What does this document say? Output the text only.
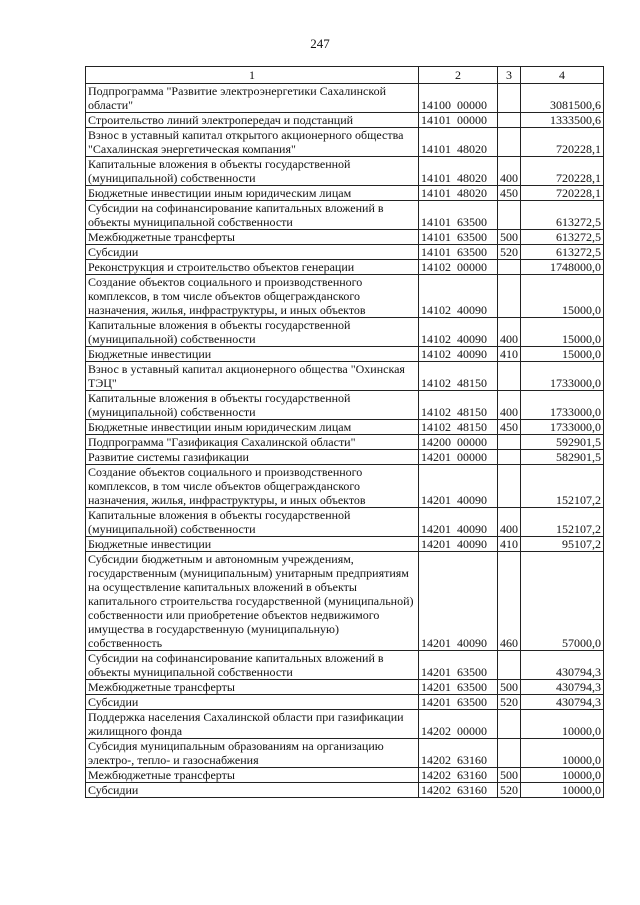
247
1	2	3	4
Подпрограмма "Развитие электроэнергетики Сахалинской области"	14100  00000		3081500,6
Строительство линий электропередач и подстанций	14101  00000		1333500,6
Взнос в уставный капитал открытого акционерного общества "Сахалинская энергетическая компания"	14101  48020		720228,1
Капитальные вложения в объекты государственной (муниципальной) собственности	14101  48020	400	720228,1
Бюджетные инвестиции иным юридическим лицам	14101  48020	450	720228,1
Субсидии на софинансирование капитальных вложений в объекты муниципальной собственности	14101  63500		613272,5
Межбюджетные трансферты	14101  63500	500	613272,5
Субсидии	14101  63500	520	613272,5
Реконструкция и строительство объектов генерации	14102  00000		1748000,0
Создание объектов социального и производственного комплексов, в том числе объектов общегражданского назначения, жилья, инфраструктуры, и иных объектов	14102  40090		15000,0
Капитальные вложения в объекты государственной (муниципальной) собственности	14102  40090	400	15000,0
Бюджетные инвестиции	14102  40090	410	15000,0
Взнос в уставный капитал акционерного общества "Охинская ТЭЦ"	14102  48150		1733000,0
Капитальные вложения в объекты государственной (муниципальной) собственности	14102  48150	400	1733000,0
Бюджетные инвестиции иным юридическим лицам	14102  48150	450	1733000,0
Подпрограмма "Газификация Сахалинской области"	14200  00000		592901,5
Развитие системы газификации	14201  00000		582901,5
Создание объектов социального и производственного комплексов, в том числе объектов общегражданского назначения, жилья, инфраструктуры, и иных объектов	14201  40090		152107,2
Капитальные вложения в объекты государственной (муниципальной) собственности	14201  40090	400	152107,2
Бюджетные инвестиции	14201  40090	410	95107,2
Субсидии бюджетным и автономным учреждениям, государственным (муниципальным) унитарным предприятиям на осуществление капитальных вложений в объекты капитального строительства государственной (муниципальной) собственности или приобретение объектов недвижимого имущества в государственную (муниципальную) собственность	14201  40090	460	57000,0
Субсидии на софинансирование капитальных вложений в объекты муниципальной собственности	14201  63500		430794,3
Межбюджетные трансферты	14201  63500	500	430794,3
Субсидии	14201  63500	520	430794,3
Поддержка населения Сахалинской области при газификации жилищного фонда	14202  00000		10000,0
Субсидия муниципальным образованиям на организацию электро-, тепло- и газоснабжения	14202  63160		10000,0
Межбюджетные трансферты	14202  63160	500	10000,0
Субсидии	14202  63160	520	10000,0
